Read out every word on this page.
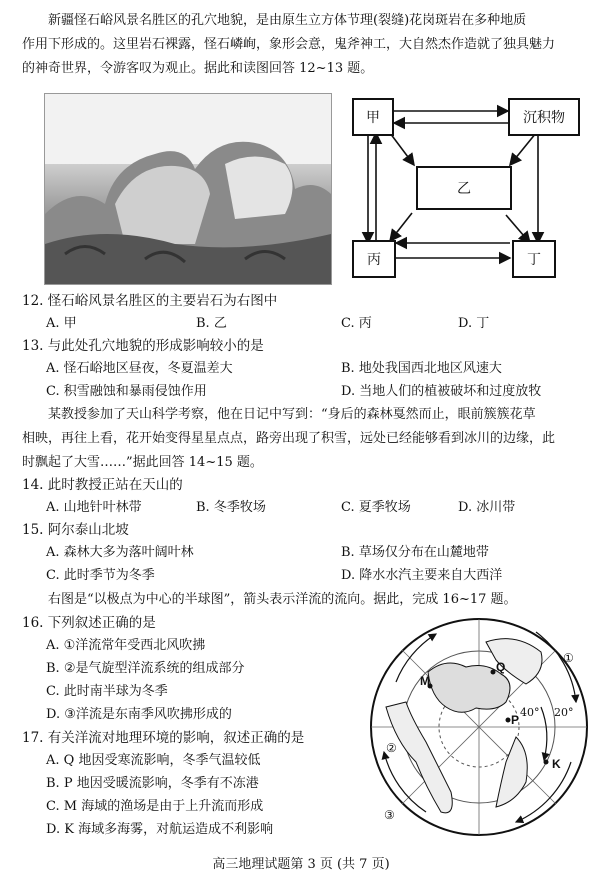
新疆怪石峪风景名胜区的孔穴地貌，是由原生立方体节理(裂缝)花岗斑岩在多种地质
作用下形成的。这里岩石裸露，怪石嶙峋，象形会意，鬼斧神工，大自然杰作造就了独具魅力
的神奇世界，令游客叹为观止。据此和读图回答 12~13 题。
甲	沉积物
乙
丙	丁
12. 怪石峪风景名胜区的主要岩石为右图中
A. 甲	B. 乙	C. 丙	D. 丁
13. 与此处孔穴地貌的形成影响较小的是
A. 怪石峪地区昼夜，冬夏温差大	B. 地处我国西北地区风速大
C. 积雪融蚀和暴雨侵蚀作用	D. 当地人们的植被破坏和过度放牧
某教授参加了天山科学考察，他在日记中写到：“身后的森林戛然而止，眼前簇簇花草
相映，再往上看，花开始变得星星点点，路旁出现了积雪，远处已经能够看到冰川的边缘，此
时飘起了大雪……”据此回答 14~15 题。
14. 此时教授正站在天山的
A. 山地针叶林带	B. 冬季牧场	C. 夏季牧场	D. 冰川带
15. 阿尔泰山北坡
A. 森林大多为落叶阔叶林	B. 草场仅分布在山麓地带
C. 此时季节为冬季	D. 降水水汽主要来自大西洋
右图是“以极点为中心的半球图”，箭头表示洋流的流向。据此，完成 16~17 题。
16. 下列叙述正确的是
A. ①洋流常年受西北风吹拂
B. ②是气旋型洋流系统的组成部分
C. 此时南半球为冬季
D. ③洋流是东南季风吹拂形成的
17. 有关洋流对地理环境的影响，叙述正确的是
A. Q 地因受寒流影响，冬季气温较低
B. P 地因受暖流影响，冬季有不冻港
C. M 海域的渔场是由于上升流而形成
D. K 海域多海雾，对航运造成不利影响
M
Q
P
K
①
②
③
40° 20°
高三地理试题第 3 页 (共 7 页)
